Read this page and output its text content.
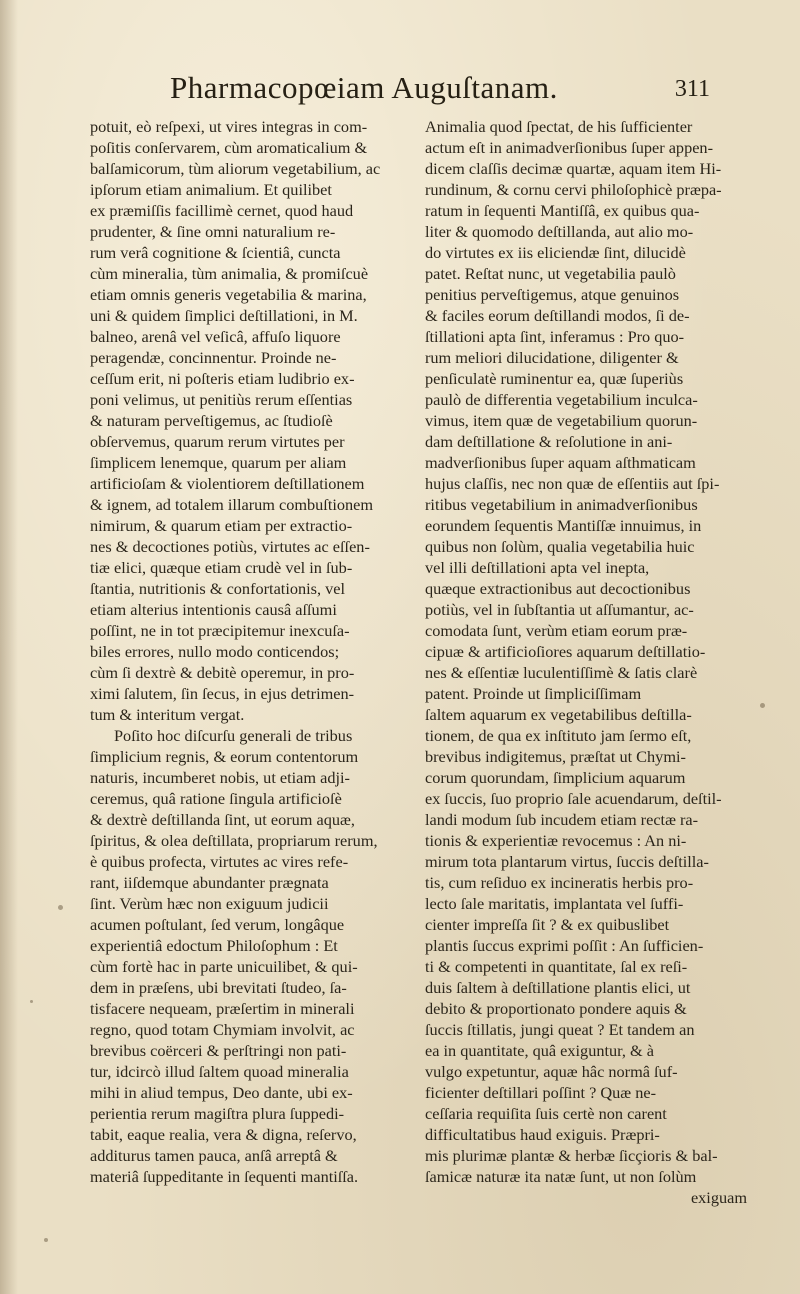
Pharmacopœiam Auguſtanam.	311
potuit, eò reſpexi, ut vires integras in com-
poſitis conſervarem, cùm aromaticalium &
balſamicorum, tùm aliorum vegetabilium, ac
ipſorum etiam animalium. Et quilibet
ex præmiſſis facillimè cernet, quod haud
prudenter, & ſine omni naturalium re-
rum verâ cognitione & ſcientiâ, cuncta
cùm mineralia, tùm animalia, & promiſcuè
etiam omnis generis vegetabilia & marina,
uni & quidem ſimplici deſtillationi, in M.
balneo, arenâ vel veſicâ, affuſo liquore
peragendæ, concinnentur. Proinde ne-
ceſſum erit, ni poſteris etiam ludibrio ex-
poni velimus, ut penitiùs rerum eſſentias
& naturam perveſtigemus, ac ſtudioſè
obſervemus, quarum rerum virtutes per
ſimplicem lenemque, quarum per aliam
artificioſam & violentiorem deſtillationem
& ignem, ad totalem illarum combuſtionem
nimirum, & quarum etiam per extractio-
nes & decoctiones potiùs, virtutes ac eſſen-
tiæ elici, quæque etiam crudè vel in ſub-
ſtantia, nutritionis & confortationis, vel
etiam alterius intentionis causâ aſſumi
poſſint, ne in tot præcipitemur inexcuſa-
biles errores, nullo modo conticendos;
cùm ſi dextrè & debitè operemur, in pro-
ximi ſalutem, ſin ſecus, in ejus detrimen-
tum & interitum vergat.
Poſito hoc diſcurſu generali de tribus
ſimplicium regnis, & eorum contentorum
naturis, incumberet nobis, ut etiam adji-
ceremus, quâ ratione ſingula artificioſè
& dextrè deſtillanda ſint, ut eorum aquæ,
ſpiritus, & olea deſtillata, propriarum rerum,
è quibus profecta, virtutes ac vires refe-
rant, iiſdemque abundanter prægnata
ſint. Verùm hæc non exiguum judicii
acumen poſtulant, ſed verum, longâque
experientiâ edoctum Philoſophum : Et
cùm fortè hac in parte unicuilibet, & qui-
dem in præſens, ubi brevitati ſtudeo, ſa-
tisfacere nequeam, præſertim in minerali
regno, quod totam Chymiam involvit, ac
brevibus coërceri & perſtringi non pati-
tur, idcircò illud ſaltem quoad mineralia
mihi in aliud tempus, Deo dante, ubi ex-
perientia rerum magiſtra plura ſuppedi-
tabit, eaque realia, vera & digna, reſervo,
additurus tamen pauca, anſâ arreptâ &
materiâ ſuppeditante in ſequenti mantiſſa.
Animalia quod ſpectat, de his ſufficienter
actum eſt in animadverſionibus ſuper appen-
dicem claſſis decimæ quartæ, aquam item Hi-
rundinum, & cornu cervi philoſophicè præpa-
ratum in ſequenti Mantiſſâ, ex quibus qua-
liter & quomodo deſtillanda, aut alio mo-
do virtutes ex iis eliciendæ ſint, dilucidè
patet. Reſtat nunc, ut vegetabilia paulò
penitius perveſtigemus, atque genuinos
& faciles eorum deſtillandi modos, ſi de-
ſtillationi apta ſint, inferamus : Pro quo-
rum meliori dilucidatione, diligenter &
penſiculatè ruminentur ea, quæ ſuperiùs
paulò de differentia vegetabilium inculca-
vimus, item quæ de vegetabilium quorun-
dam deſtillatione & reſolutione in ani-
madverſionibus ſuper aquam aſthmaticam
hujus claſſis, nec non quæ de eſſentiis aut ſpi-
ritibus vegetabilium in animadverſionibus
eorundem ſequentis Mantiſſæ innuimus, in
quibus non ſolùm, qualia vegetabilia huic
vel illi deſtillationi apta vel inepta,
quæque extractionibus aut decoctionibus
potiùs, vel in ſubſtantia ut aſſumantur, ac-
comodata ſunt, verùm etiam eorum præ-
cipuæ & artificioſiores aquarum deſtillatio-
nes & eſſentiæ luculentiſſimè & ſatis clarè
patent. Proinde ut ſimpliciſſimam
ſaltem aquarum ex vegetabilibus deſtilla-
tionem, de qua ex inſtituto jam ſermo eſt,
brevibus indigitemus, præſtat ut Chymi-
corum quorundam, ſimplicium aquarum
ex ſuccis, ſuo proprio ſale acuendarum, deſtil-
landi modum ſub incudem etiam rectæ ra-
tionis & experientiæ revocemus : An ni-
mirum tota plantarum virtus, ſuccis deſtilla-
tis, cum reſiduo ex incineratis herbis pro-
lecto ſale maritatis, implantata vel ſuffi-
cienter impreſſa ſit ? & ex quibuslibet
plantis ſuccus exprimi poſſit : An ſufficien-
ti & competenti in quantitate, ſal ex reſi-
duis ſaltem à deſtillatione plantis elici, ut
debito & proportionato pondere aquis &
ſuccis ſtillatis, jungi queat ? Et tandem an
ea in quantitate, quâ exiguntur, & à
vulgo expetuntur, aquæ hâc normâ ſuf-
ficienter deſtillari poſſint ? Quæ ne-
ceſſaria requiſita ſuis certè non carent
difficultatibus haud exiguis. Præpri-
mis plurimæ plantæ & herbæ ſicçioris & bal-
ſamicæ naturæ ita natæ ſunt, ut non ſolùm
exiguam
